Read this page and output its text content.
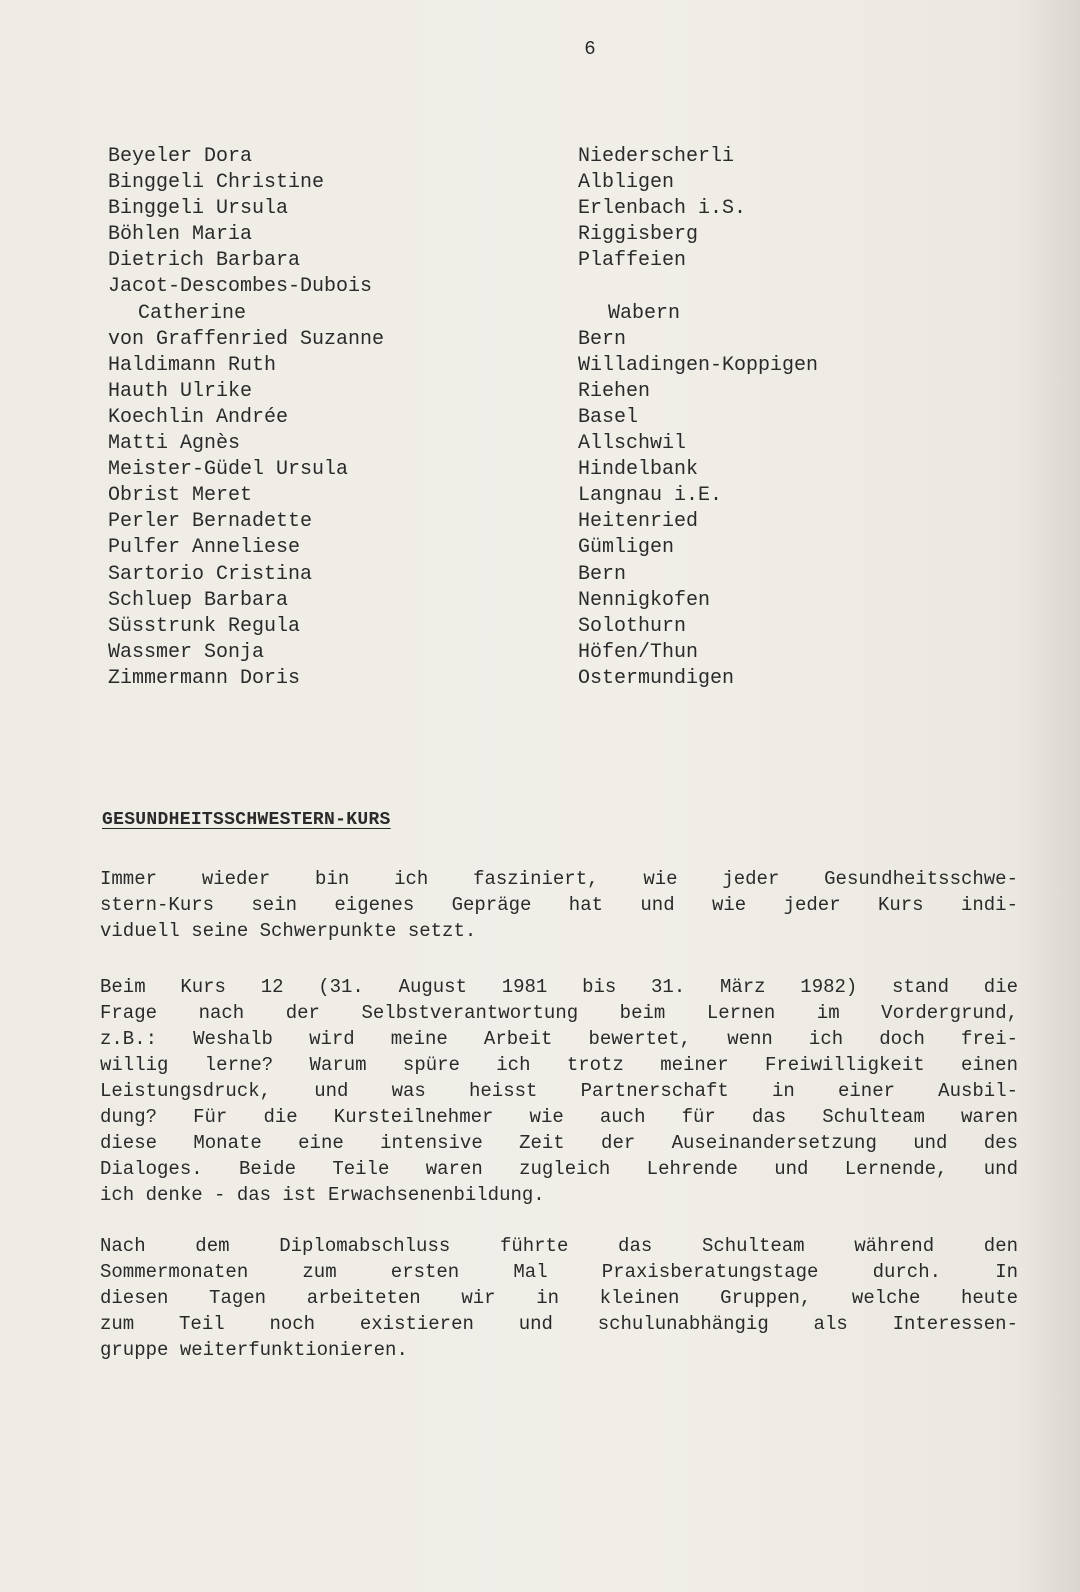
6
Beyeler Dora	Niederscherli
Binggeli Christine	Albligen
Binggeli Ursula	Erlenbach i.S.
Böhlen Maria	Riggisberg
Dietrich Barbara	Plaffeien
Jacot-Descombes-Dubois
Catherine	Wabern
von Graffenried Suzanne	Bern
Haldimann Ruth	Willadingen-Koppigen
Hauth Ulrike	Riehen
Koechlin Andrée	Basel
Matti Agnès	Allschwil
Meister-Güdel Ursula	Hindelbank
Obrist Meret	Langnau i.E.
Perler Bernadette	Heitenried
Pulfer Anneliese	Gümligen
Sartorio Cristina	Bern
Schluep Barbara	Nennigkofen
Süsstrunk Regula	Solothurn
Wassmer Sonja	Höfen/Thun
Zimmermann Doris	Ostermundigen
GESUNDHEITSSCHWESTERN-KURS
Immer wieder bin ich fasziniert, wie jeder Gesundheitsschwe-
stern-Kurs sein eigenes Gepräge hat und wie jeder Kurs indi-
viduell seine Schwerpunkte setzt.
Beim Kurs 12 (31. August 1981 bis 31. März 1982) stand die
Frage nach der Selbstverantwortung beim Lernen im Vordergrund,
z.B.: Weshalb wird meine Arbeit bewertet, wenn ich doch frei-
willig lerne? Warum spüre ich trotz meiner Freiwilligkeit einen
Leistungsdruck, und was heisst Partnerschaft in einer Ausbil-
dung? Für die Kursteilnehmer wie auch für das Schulteam waren
diese Monate eine intensive Zeit der Auseinandersetzung und des
Dialoges. Beide Teile waren zugleich Lehrende und Lernende, und
ich denke - das ist Erwachsenenbildung.
Nach dem Diplomabschluss führte das Schulteam während den
Sommermonaten zum ersten Mal Praxisberatungstage durch. In
diesen Tagen arbeiteten wir in kleinen Gruppen, welche heute
zum Teil noch existieren und schulunabhängig als Interessen-
gruppe weiterfunktionieren.
